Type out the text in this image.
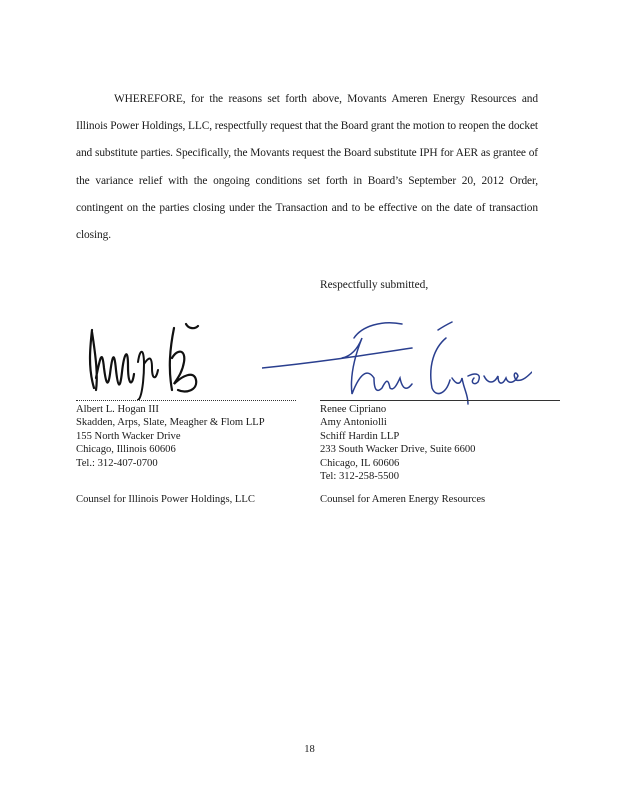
WHEREFORE, for the reasons set forth above, Movants Ameren Energy Resources and Illinois Power Holdings, LLC, respectfully request that the Board grant the motion to reopen the docket and substitute parties. Specifically, the Movants request the Board substitute IPH for AER as grantee of the variance relief with the ongoing conditions set forth in Board’s September 20, 2012 Order, contingent on the parties closing under the Transaction and to be effective on the date of transaction closing.

Respectfully submitted,
Albert L. Hogan III
Skadden, Arps, Slate, Meagher & Flom LLP
155 North Wacker Drive
Chicago, Illinois 60606
Tel.: 312-407-0700
Renee Cipriano
Amy Antoniolli
Schiff Hardin LLP
233 South Wacker Drive, Suite 6600
Chicago, IL 60606
Tel: 312-258-5500
Counsel for Illinois Power Holdings, LLC	Counsel for Ameren Energy Resources
18
